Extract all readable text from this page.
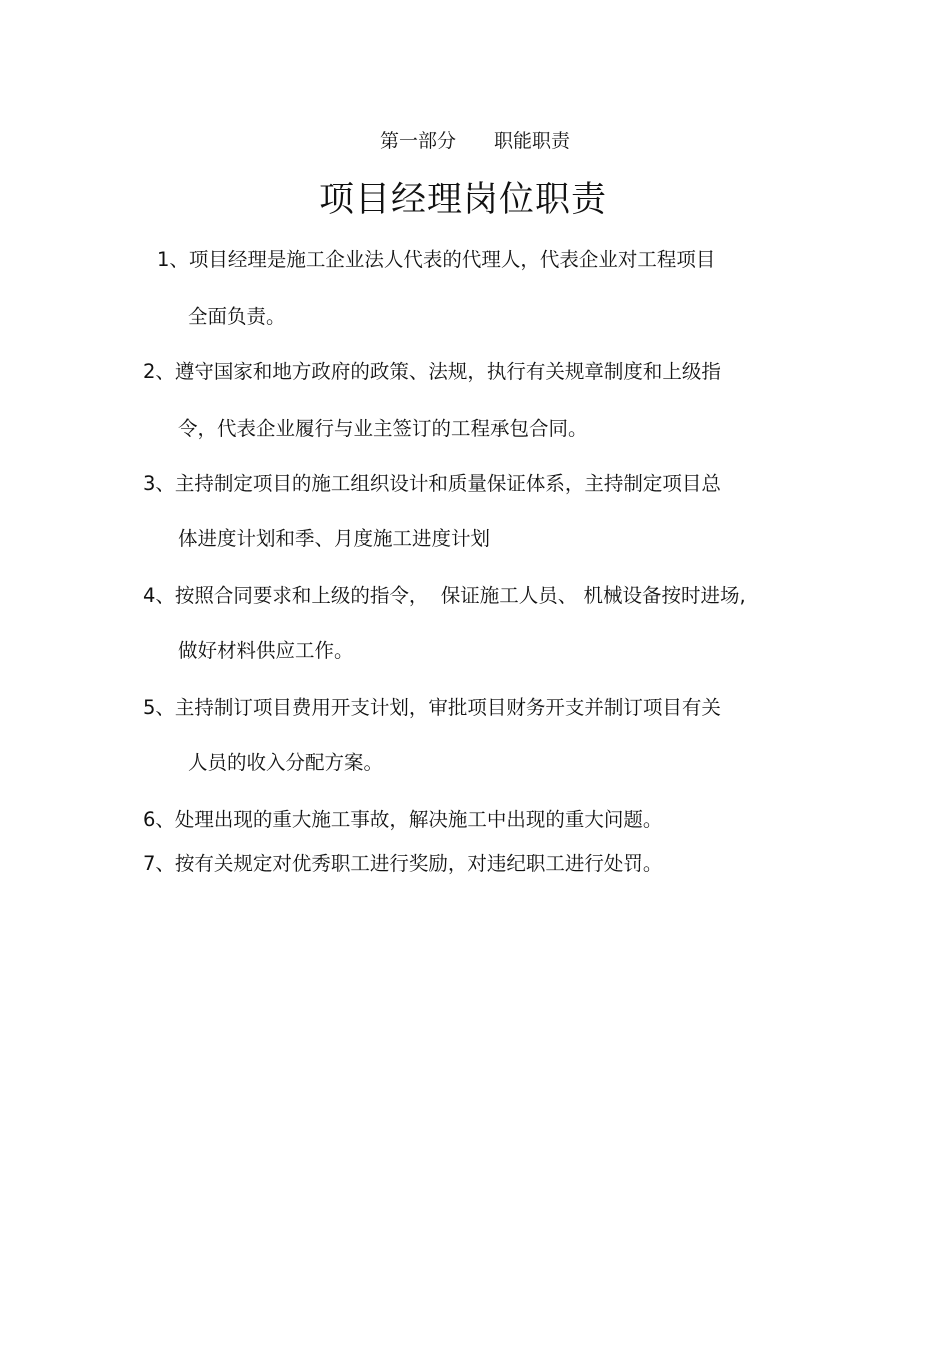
第一部分 职能职责
项目经理岗位职责
1、项目经理是施工企业法人代表的代理人，代表企业对工程项目
全面负责。
2、遵守国家和地方政府的政策、法规，执行有关规章制度和上级指
令，代表企业履行与业主签订的工程承包合同。
3、主持制定项目的施工组织设计和质量保证体系，主持制定项目总
体进度计划和季、月度施工进度计划
4、按照合同要求和上级的指令，  保证施工人员、 机械设备按时进场,
做好材料供应工作。
5、主持制订项目费用开支计划，审批项目财务开支并制订项目有关
人员的收入分配方案。
6、处理出现的重大施工事故，解决施工中出现的重大问题。
7、按有关规定对优秀职工进行奖励，对违纪职工进行处罚。
